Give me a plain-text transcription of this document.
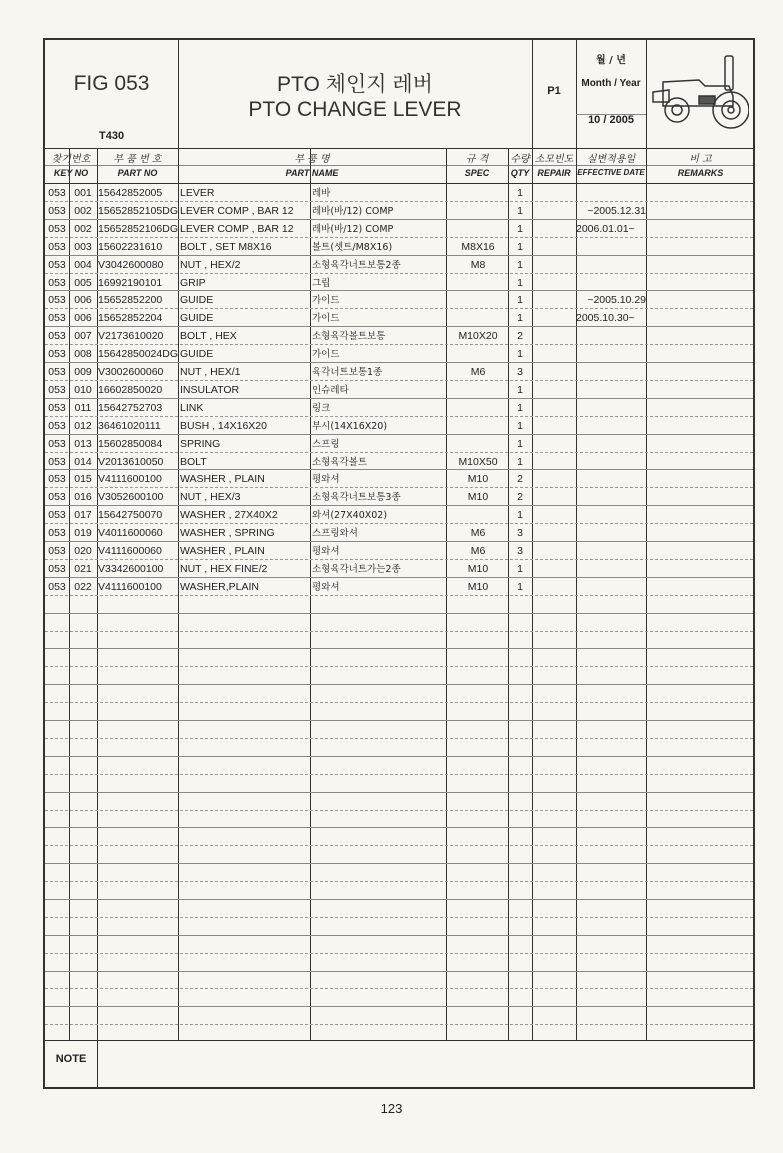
FIG 053
T430
PTO 체인지 레버
PTO CHANGE LEVER
P1
월 / 년
Month / Year
10 / 2005
찾기번호
KEY NO
부 품 번 호
PART NO
부 품 명
PART NAME
규 격
SPEC
수량
QTY
소모빈도
REPAIR
실변적용일
EFFECTIVE DATE
비 고
REMARKS
053 001 15642852005	LEVER	레바	1
053 002 15652852105DG LEVER COMP , BAR 12	레바(바/12) COMP	1	~2005.12.31
053 002 15652852106DG LEVER COMP , BAR 12	레바(바/12) COMP	1	2006.01.01~
053 003 15602231610	BOLT , SET M8X16	볼트(셋트/M8X16)	M8X16	1
053 004 V3042600080	NUT , HEX/2	소형육각너트보통2종	M8	1
053 005 16992190101	GRIP	그립	1
053 006 15652852200	GUIDE	가이드	1	~2005.10.29
053 006 15652852204	GUIDE	가이드	1	2005.10.30~
053 007 V2173610020	BOLT , HEX	소형육각볼트보통	M10X20	2
053 008 15642850024DG GUIDE	가이드	1
053 009 V3002600060	NUT , HEX/1	육각너트보통1종	M6	3
053 010 16602850020	INSULATOR	인슈레타	1
053 011 15642752703	LINK	링크	1
053 012 36461020111	BUSH , 14X16X20	부시(14X16X20)	1
053 013 15602850084	SPRING	스프링	1
053 014 V2013610050	BOLT	소형육각볼트	M10X50	1
053 015 V4111600100	WASHER , PLAIN	평와셔	M10	2
053 016 V3052600100	NUT , HEX/3	소형육각너트보통3종	M10	2
053 017 15642750070	WASHER , 27X40X2	와셔(27X40X02)	1
053 019 V4011600060	WASHER , SPRING	스프링와셔	M6	3
053 020 V4111600060	WASHER , PLAIN	평와셔	M6	3
053 021 V3342600100	NUT , HEX FINE/2	소형육각너트가는2종	M10	1
053 022 V4111600100	WASHER,PLAIN	평와셔	M10	1
NOTE
123
